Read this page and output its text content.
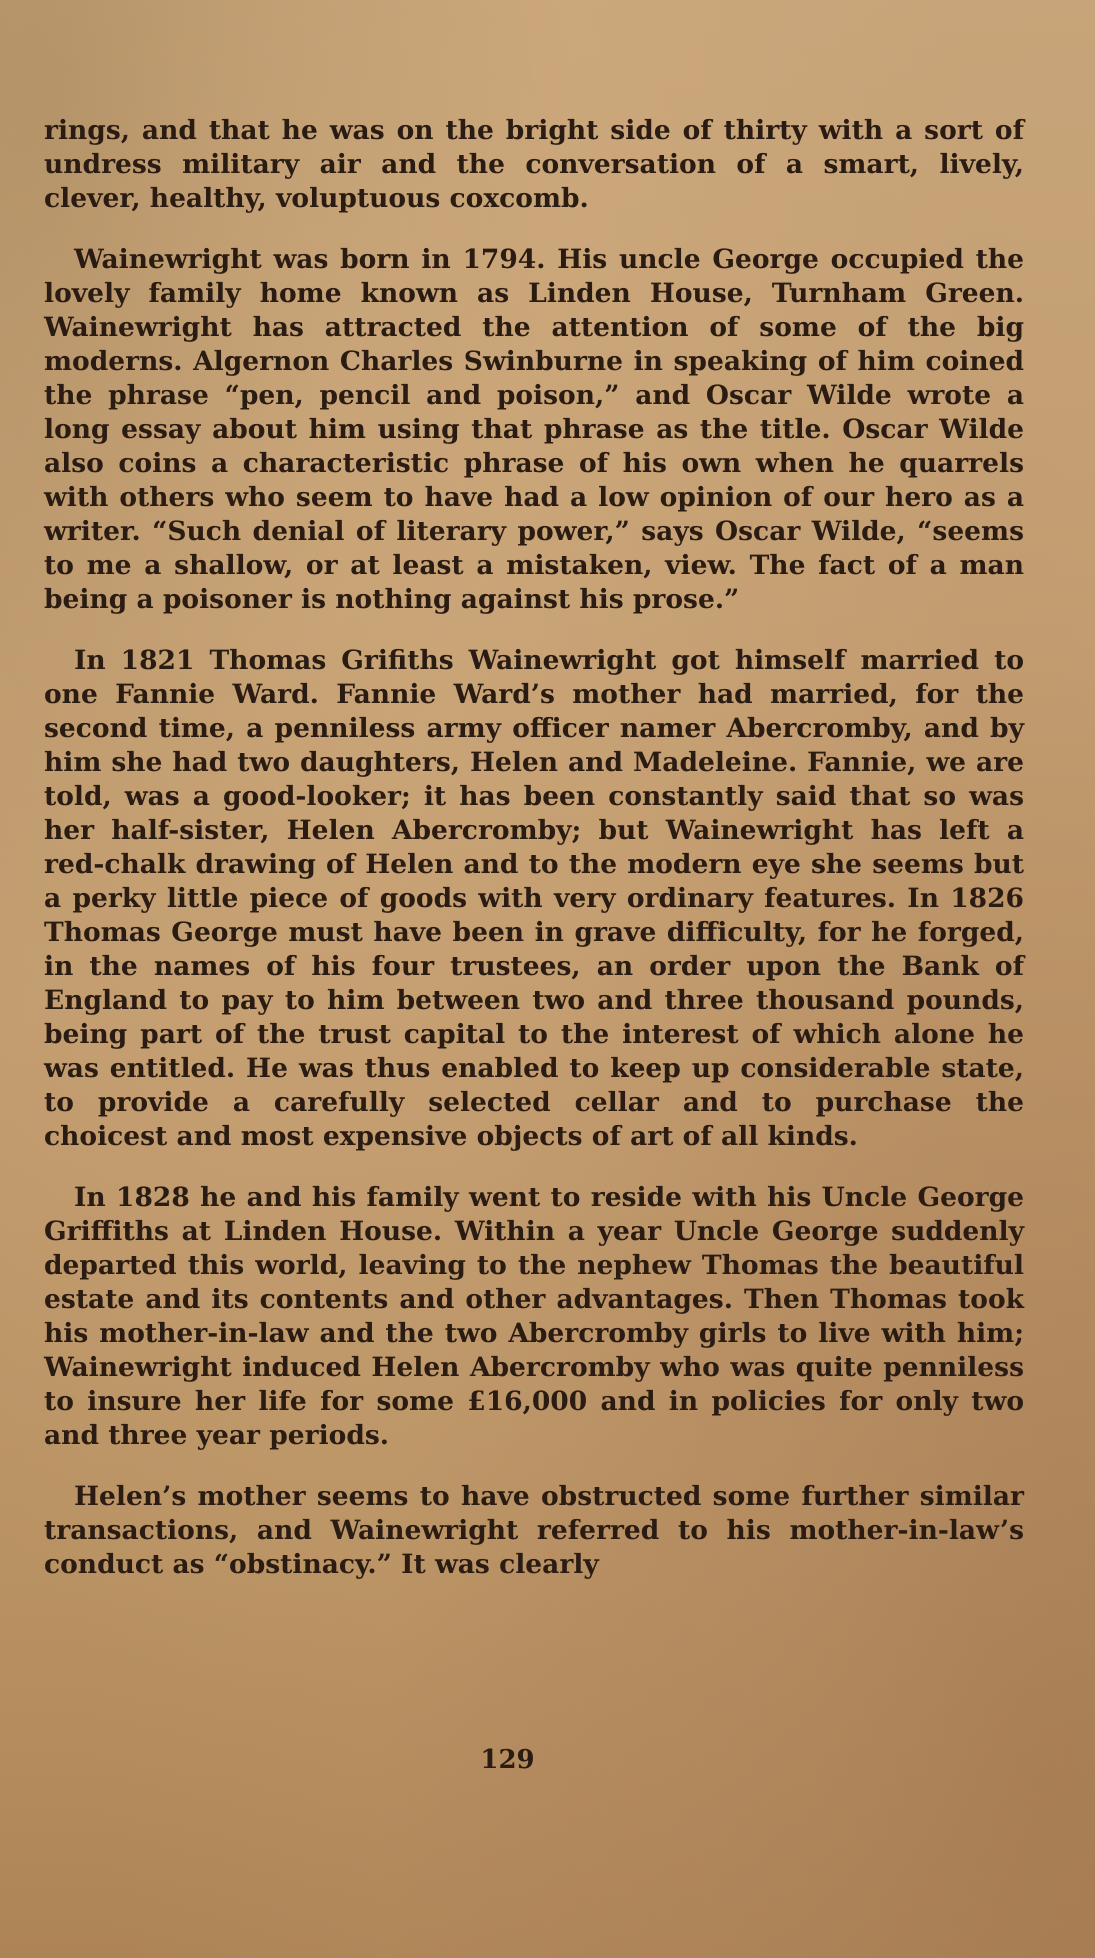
rings, and that he was on the bright side of thirty with a sort of undress military air and the conversation of a smart, lively, clever, healthy, voluptuous coxcomb.

Wainewright was born in 1794. His uncle George occupied the lovely family home known as Linden House, Turnham Green. Wainewright has attracted the attention of some of the big moderns. Algernon Charles Swinburne in speaking of him coined the phrase “pen, pencil and poison,” and Oscar Wilde wrote a long essay about him using that phrase as the title. Oscar Wilde also coins a characteristic phrase of his own when he quarrels with others who seem to have had a low opinion of our hero as a writer. “Such denial of literary power,” says Oscar Wilde, “seems to me a shallow, or at least a mistaken, view. The fact of a man being a poisoner is nothing against his prose.”

In 1821 Thomas Grifiths Wainewright got himself married to one Fannie Ward. Fannie Ward’s mother had married, for the second time, a penniless army officer namer Abercromby, and by him she had two daughters, Helen and Madeleine. Fannie, we are told, was a good-looker; it has been constantly said that so was her half-sister, Helen Abercromby; but Wainewright has left a red-chalk drawing of Helen and to the modern eye she seems but a perky little piece of goods with very ordinary features. In 1826 Thomas George must have been in grave difficulty, for he forged, in the names of his four trustees, an order upon the Bank of England to pay to him between two and three thousand pounds, being part of the trust capital to the interest of which alone he was entitled. He was thus enabled to keep up considerable state, to provide a carefully selected cellar and to purchase the choicest and most expensive objects of art of all kinds.

In 1828 he and his family went to reside with his Uncle George Griffiths at Linden House. Within a year Uncle George suddenly departed this world, leaving to the nephew Thomas the beautiful estate and its contents and other advantages. Then Thomas took his mother-in-law and the two Abercromby girls to live with him; Wainewright induced Helen Abercromby who was quite penniless to insure her life for some £16,000 and in policies for only two and three year periods.

Helen’s mother seems to have obstructed some further similar transactions, and Wainewright referred to his mother-in-law’s conduct as “obstinacy.” It was clearly

129
